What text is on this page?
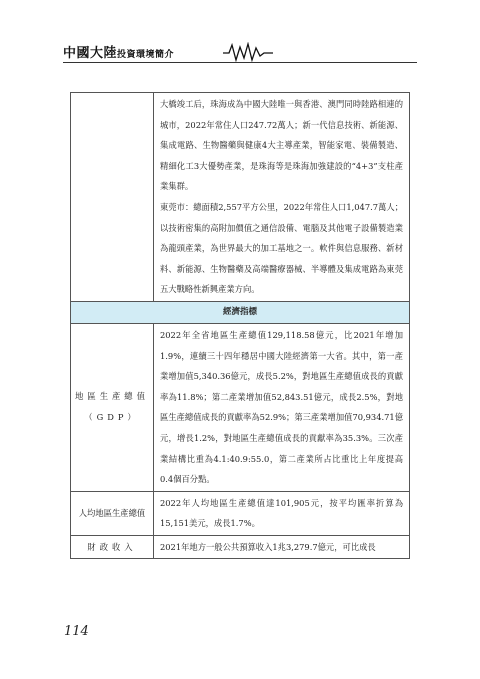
中國大陸投資環境簡介

	大橋竣工后，珠海成為中國大陸唯一與香港、澳門同時陸路相連的城市，2022年常住人口247.72萬人；新一代信息技術、新能源、集成電路、生物醫藥與健康4大主導產業，智能家電、裝備製造、精細化工3大優勢產業，是珠海等是珠海加強建設的“4+3”支柱產業集群。

東莞市：總面積2,557平方公里，2022年常住人口1,047.7萬人；以技術密集的高附加價值之通信設備、電腦及其他電子設備製造業為龍頭產業，為世界最大的加工基地之一。軟件與信息服務、新材料、新能源、生物醫藥及高端醫療器械、半導體及集成電路為東莞五大戰略性新興產業方向。

經濟指標	
地區生產總值（GDP）	2022年全省地區生產總值129,118.58億元，比2021年增加1.9%，連續三十四年穩居中國大陸經濟第一大省。其中，第一產業增加值5,340.36億元，成長5.2%，對地區生產總值成長的貢獻率為11.8%；第二產業增加值52,843.51億元，成長2.5%，對地區生產總值成長的貢獻率為52.9%；第三產業增加值70,934.71億元，增長1.2%，對地區生產總值成長的貢獻率為35.3%。三次產業結構比重為4.1:40.9:55.0，第二產業所占比重比上年度提高0.4個百分點。
人均地區生產總值	2022年人均地區生產總值達101,905元，按平均匯率折算為15,151美元，成長1.7%。
財政收入	2021年地方一般公共預算收入1兆3,279.7億元，可比成長
114
